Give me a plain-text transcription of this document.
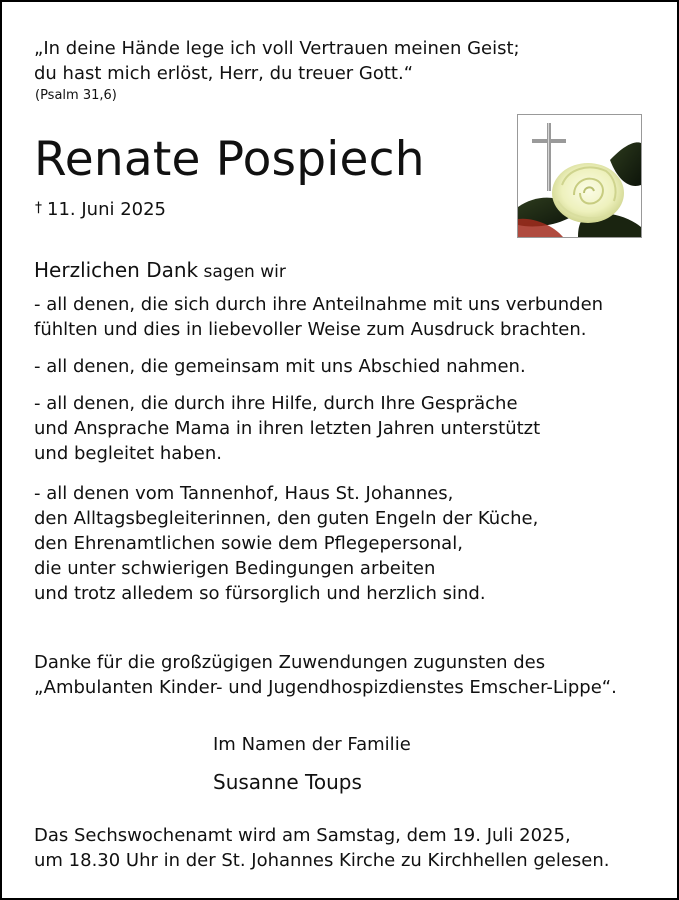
„In deine Hände lege ich voll Vertrauen meinen Geist;
du hast mich erlöst, Herr, du treuer Gott.“
(Psalm 31,6)
Renate Pospiech
† 11. Juni 2025
Herzlichen Dank sagen wir
- all denen, die sich durch ihre Anteilnahme mit uns verbunden
fühlten und dies in liebevoller Weise zum Ausdruck brachten.
- all denen, die gemeinsam mit uns Abschied nahmen.
- all denen, die durch ihre Hilfe, durch Ihre Gespräche
und Ansprache Mama in ihren letzten Jahren unterstützt
und begleitet haben.
- all denen vom Tannenhof, Haus St. Johannes,
den Alltagsbegleiterinnen, den guten Engeln der Küche,
den Ehrenamtlichen sowie dem Pflegepersonal,
die unter schwierigen Bedingungen arbeiten
und trotz alledem so fürsorglich und herzlich sind.
Danke für die großzügigen Zuwendungen zugunsten des
„Ambulanten Kinder- und Jugendhospizdienstes Emscher-Lippe“.
Im Namen der Familie
Susanne Toups
Das Sechswochenamt wird am Samstag, dem 19. Juli 2025,
um 18.30 Uhr in der St. Johannes Kirche zu Kirchhellen gelesen.
